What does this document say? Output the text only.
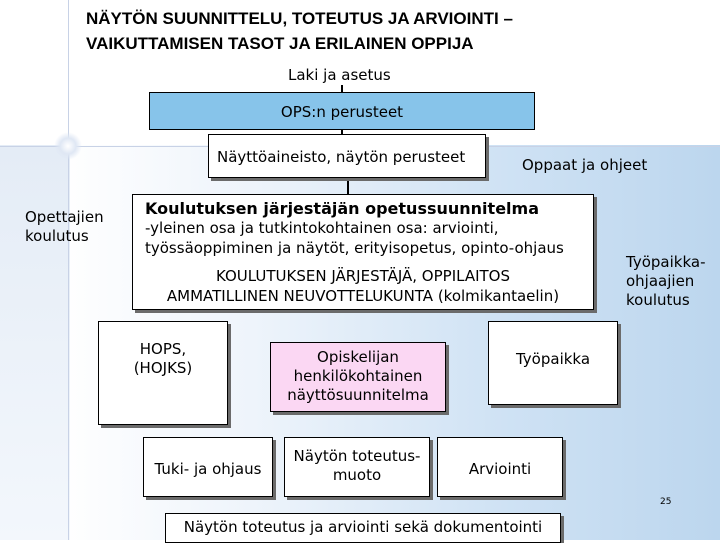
NÄYTÖN SUUNNITTELU, TOTEUTUS JA ARVIOINTI –
VAIKUTTAMISEN TASOT JA ERILAINEN OPPIJA
Laki ja asetus
OPS:n perusteet
Näyttöaineisto, näytön perusteet	Oppaat ja ohjeet
Opettajien
koulutus
Koulutuksen järjestäjän opetussuunnitelma
-yleinen osa ja tutkintokohtainen osa: arviointi,
työssäoppiminen ja näytöt, erityisopetus, opinto-ohjaus
KOULUTUKSEN JÄRJESTÄJÄ, OPPILAITOS
AMMATILLINEN NEUVOTTELUKUNTA (kolmikantaelin)
Työpaikka-
ohjaajien
koulutus
HOPS,
(HOJKS)
Opiskelijan
henkilökohtainen
näyttösuunnitelma
Työpaikka
Tuki- ja ohjaus
Näytön toteutus-
muoto	Arviointi
25
Näytön toteutus ja arviointi sekä dokumentointi
